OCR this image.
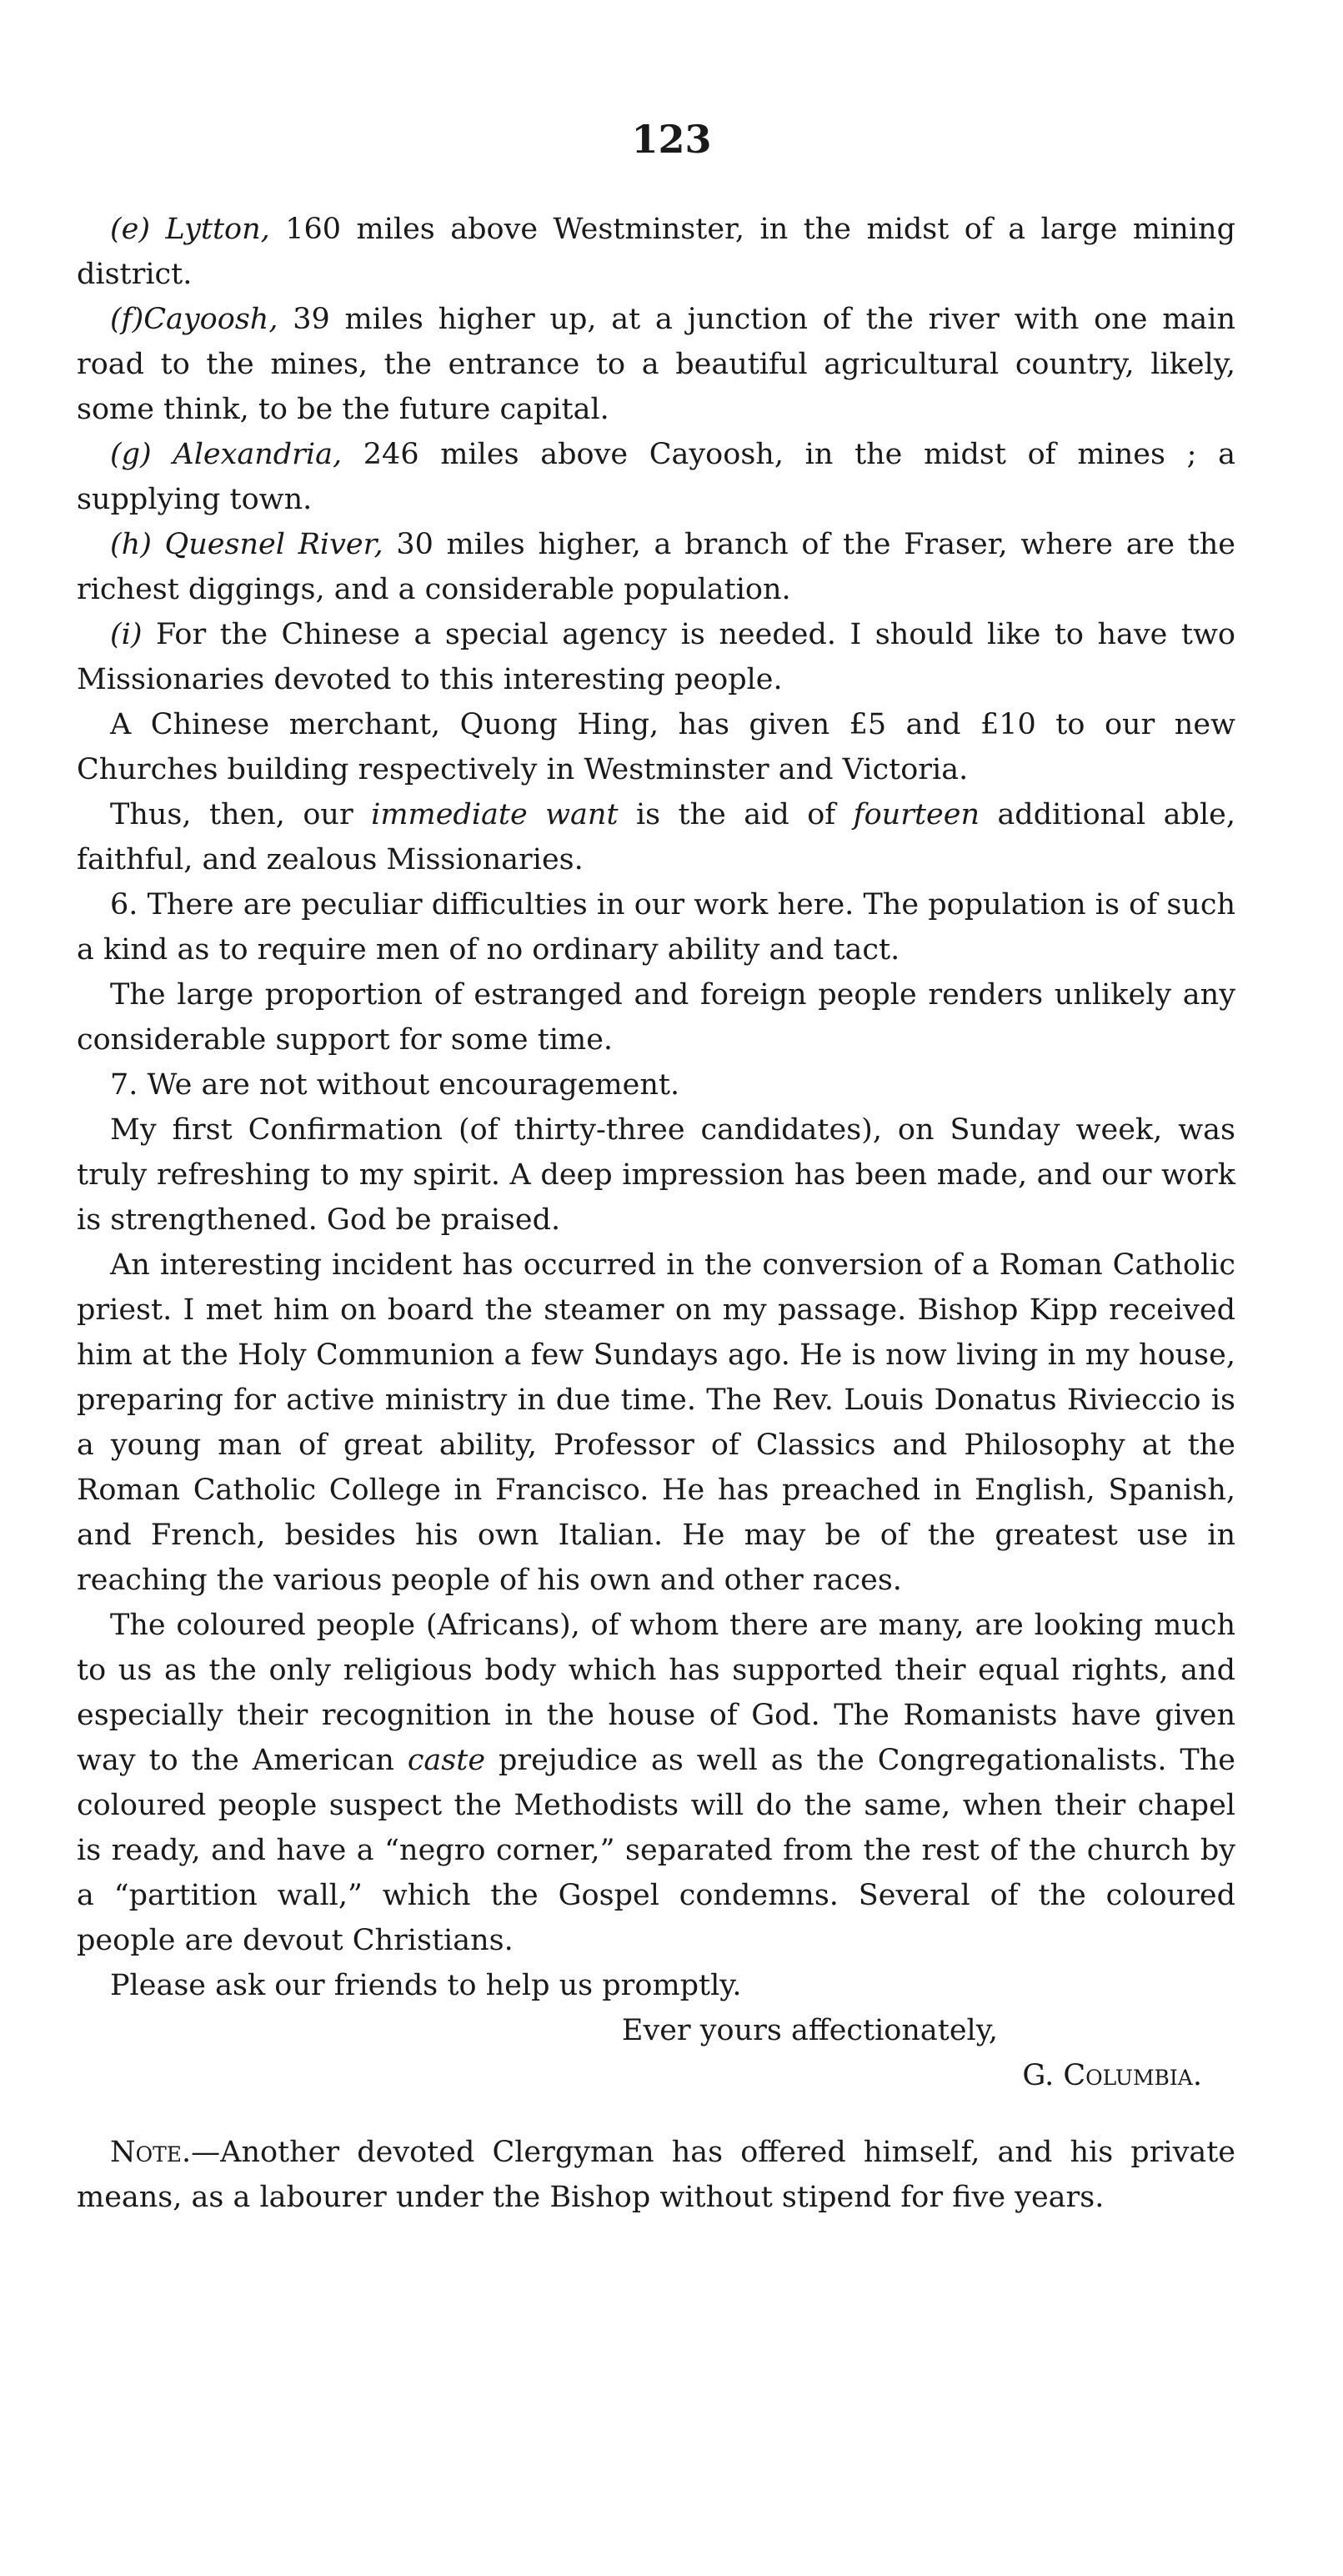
123

(e) Lytton, 160 miles above Westminster, in the midst of a large mining district.

(f)Cayoosh, 39 miles higher up, at a junction of the river with one main road to the mines, the entrance to a beautiful agricultural country, likely, some think, to be the future capital.

(g) Alexandria, 246 miles above Cayoosh, in the midst of mines ; a supplying town.

(h) Quesnel River, 30 miles higher, a branch of the Fraser, where are the richest diggings, and a considerable population.

(i) For the Chinese a special agency is needed. I should like to have two Missionaries devoted to this interesting people.

A Chinese merchant, Quong Hing, has given £5 and £10 to our new Churches building respectively in Westminster and Victoria.

Thus, then, our immediate want is the aid of fourteen additional able, faithful, and zealous Missionaries.

6. There are peculiar difficulties in our work here. The population is of such a kind as to require men of no ordinary ability and tact.

The large proportion of estranged and foreign people renders unlikely any considerable support for some time.

7. We are not without encouragement.

My first Confirmation (of thirty-three candidates), on Sunday week, was truly refreshing to my spirit. A deep impression has been made, and our work is strengthened. God be praised.

An interesting incident has occurred in the conversion of a Roman Catholic priest. I met him on board the steamer on my passage. Bishop Kipp received him at the Holy Communion a few Sundays ago. He is now living in my house, preparing for active ministry in due time. The Rev. Louis Donatus Rivieccio is a young man of great ability, Professor of Classics and Philosophy at the Roman Catholic College in Francisco. He has preached in English, Spanish, and French, besides his own Italian. He may be of the greatest use in reaching the various people of his own and other races.

The coloured people (Africans), of whom there are many, are looking much to us as the only religious body which has supported their equal rights, and especially their recognition in the house of God. The Romanists have given way to the American caste prejudice as well as the Congregationalists. The coloured people suspect the Methodists will do the same, when their chapel is ready, and have a “negro corner,” separated from the rest of the church by a “partition wall,” which the Gospel condemns. Several of the coloured people are devout Christians.

Please ask our friends to help us promptly.

Ever yours affectionately,

G. Columbia.

Note.—Another devoted Clergyman has offered himself, and his private means, as a labourer under the Bishop without stipend for five years.
